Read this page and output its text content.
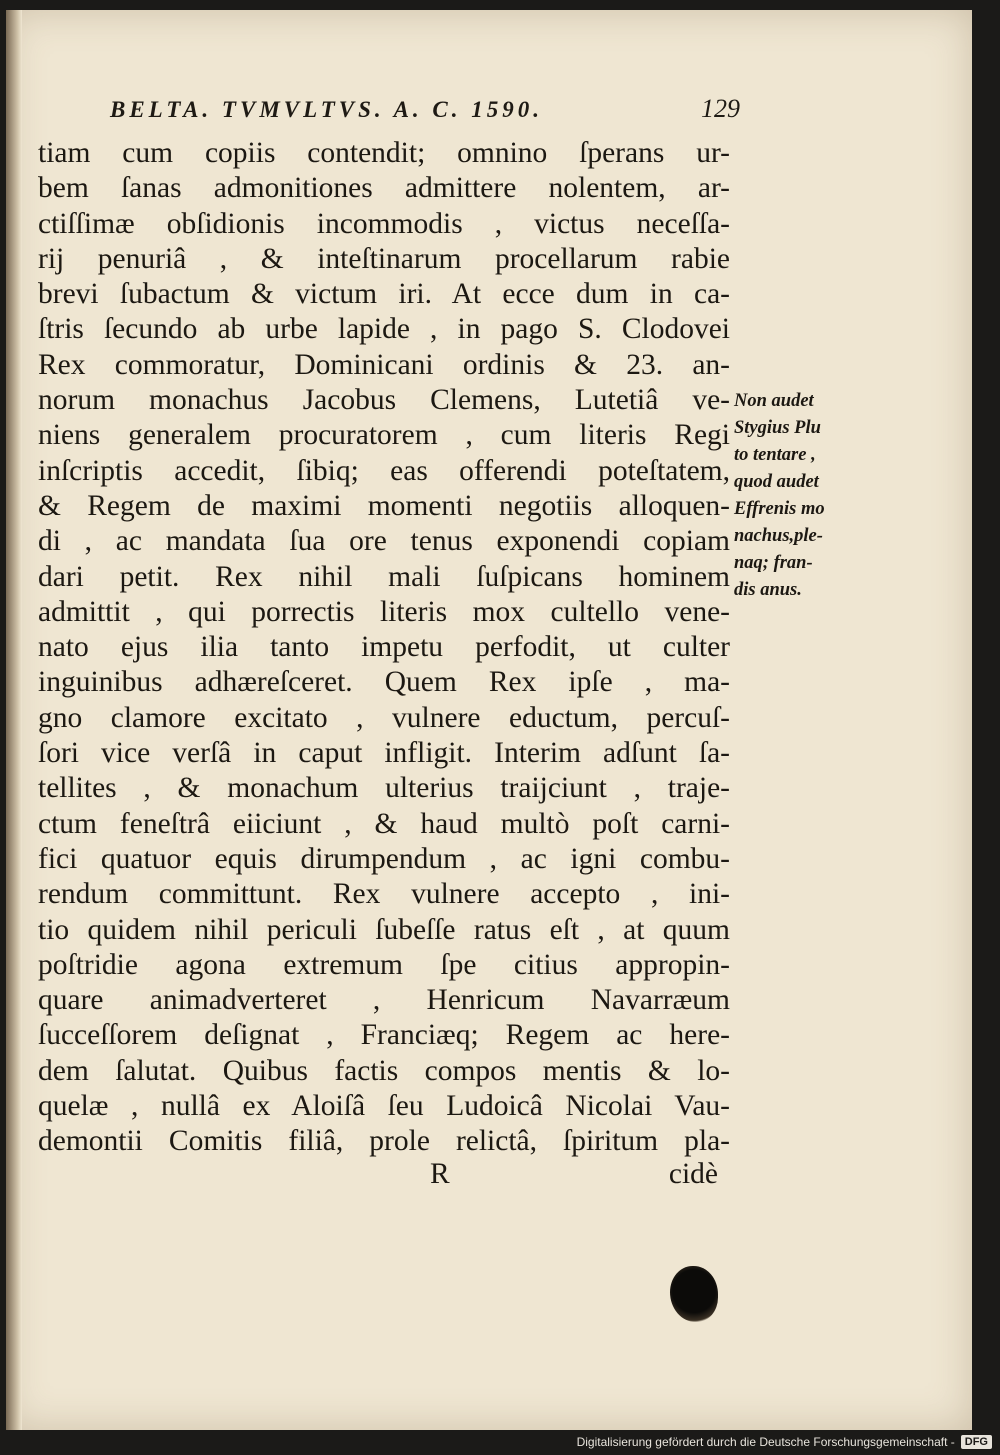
BELTA. TVMVLTVS. A. C. 1590.	129
tiam cum copiis contendit; omnino ſperans ur-
bem ſanas admonitiones admittere nolentem, ar-
ctiſſimæ obſidionis incommodis , victus neceſſa-
rij penuriâ , & inteſtinarum procellarum rabie
brevi ſubactum & victum iri. At ecce dum in ca-
ſtris ſecundo ab urbe lapide , in pago S. Clodovei
Rex commoratur, Dominicani ordinis & 23. an-
norum monachus Jacobus Clemens, Lutetiâ ve-
niens generalem procuratorem , cum literis Regi
inſcriptis accedit, ſibiq; eas offerendi poteſtatem,
& Regem de maximi momenti negotiis alloquen-
di , ac mandata ſua ore tenus exponendi copiam
dari petit. Rex nihil mali ſuſpicans hominem
admittit , qui porrectis literis mox cultello vene-
nato ejus ilia tanto impetu perfodit, ut culter
inguinibus adhæreſceret. Quem Rex ipſe , ma-
gno clamore excitato , vulnere eductum, percuſ-
ſori vice verſâ in caput infligit. Interim adſunt ſa-
tellites , & monachum ulterius traijciunt , traje-
ctum feneſtrâ eiiciunt , & haud multò poſt carni-
fici quatuor equis dirumpendum , ac igni combu-
rendum committunt. Rex vulnere accepto , ini-
tio quidem nihil periculi ſubeſſe ratus eſt , at quum
poſtridie agona extremum ſpe citius appropin-
quare animadverteret , Henricum Navarræum
ſucceſſorem deſignat , Franciæq; Regem ac here-
dem ſalutat. Quibus factis compos mentis & lo-
quelæ , nullâ ex Aloiſâ ſeu Ludoicâ Nicolai Vau-
demontii Comitis filiâ, prole relictâ, ſpiritum pla-
Non audet
Stygius Plu
to tentare ,
quod audet
Effrenis mo
nachus,ple-
naq; fran-
dis anus.
R	cidè
Digitalisierung gefördert durch die Deutsche Forschungsgemeinschaft - DFG
